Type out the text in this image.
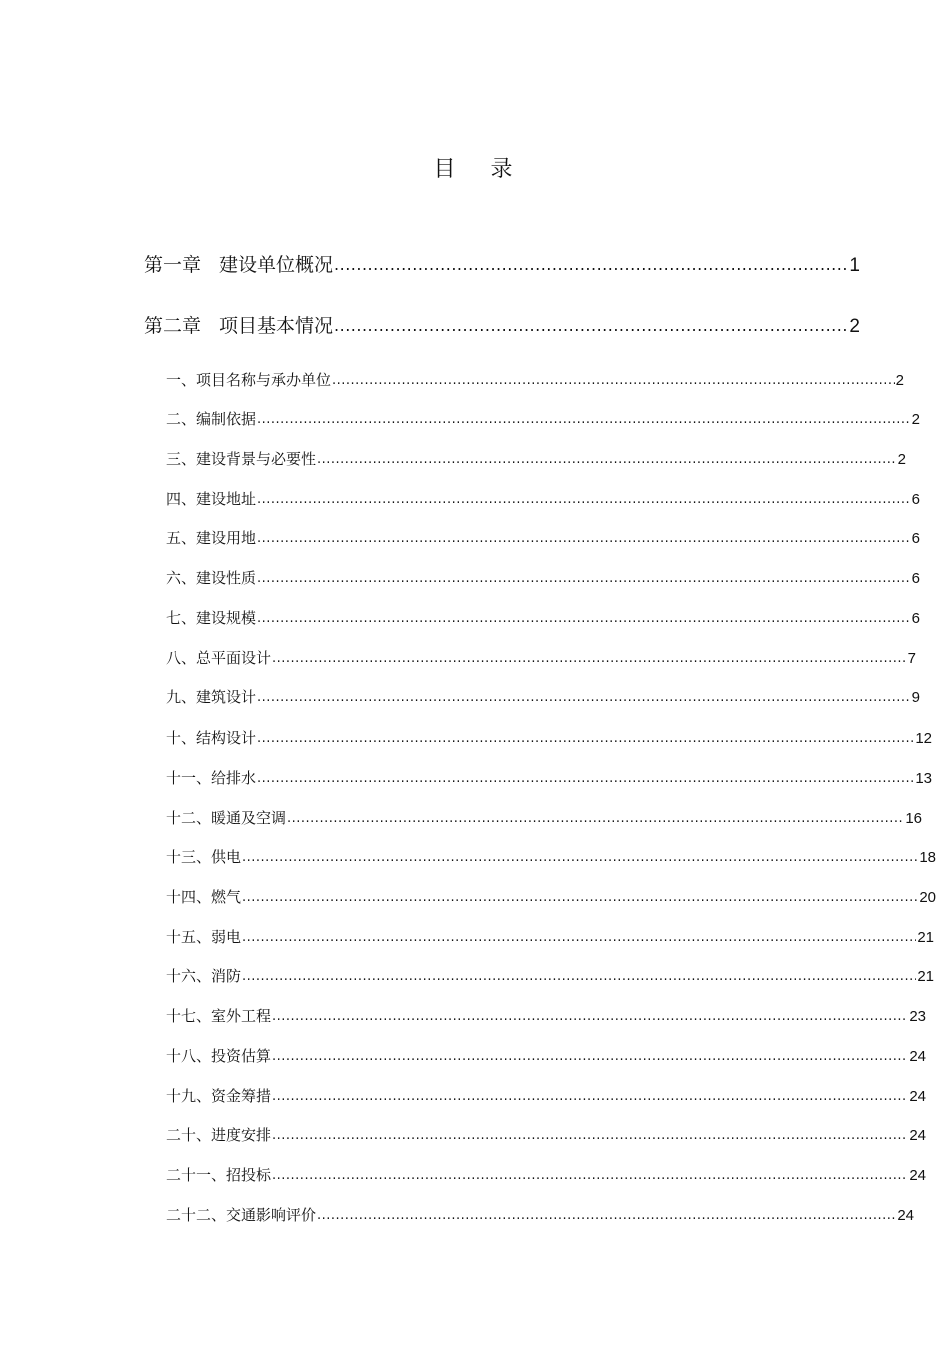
目 录
第一章 建设单位概况 .....	1
第二章 项目基本情况 .....	2
一、项目名称与承办单位 .....	2
二、编制依据 .....	2
三、建设背景与必要性 .....	2
四、建设地址 .....	6
五、建设用地 .....	6
六、建设性质 .....	6
七、建设规模 .....	6
八、总平面设计 .....	7
九、建筑设计 .....	9
十、结构设计 .....	12
十一、给排水 .....	13
十二、暖通及空调 .....	16
十三、供电 .....	18
十四、燃气 .....	20
十五、弱电 .....	21
十六、消防 .....	21
十七、室外工程 .....	23
十八、投资估算 .....	24
十九、资金筹措 .....	24
二十、进度安排 .....	24
二十一、招投标 .....	24
二十二、交通影响评价 .....	24
